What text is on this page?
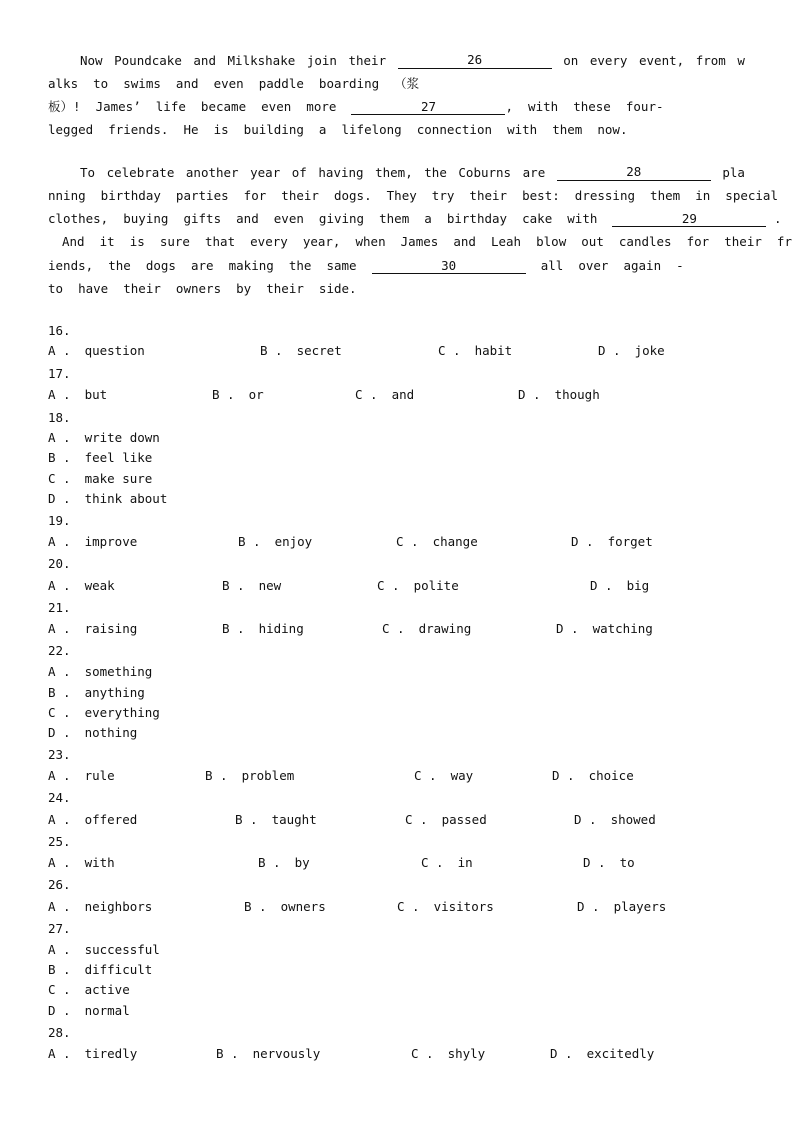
Now Poundcake and Milkshake join their	26	on every event, from w
alks  to  swims  and  even  paddle  boarding  （浆
板）!  James’  life  became  even  more	27	,  with  these  four-
legged  friends.  He  is  building  a  lifelong  connection  with  them  now.
To celebrate another year of having them, the Coburns are	28	pla
nning  birthday  parties  for  their  dogs.  They  try  their  best:  dressing  them  in  special
clothes,  buying  gifts  and  even  giving  them  a  birthday  cake  with	29	.
And  it  is  sure  that  every  year,  when  James  and  Leah  blow  out  candles  for  their  fr
iends,  the  dogs  are  making  the  same	30	all  over  again  -
to  have  their  owners  by  their  side.
16.
A . question	B . secret	C . habit	D . joke
17.
A . but	B . or	C . and	D . though
18.
A . write down
B . feel like
C . make sure
D . think about
19.
A . improve	B . enjoy	C . change	D . forget
20.
A . weak	B . new	C . polite	D . big
21.
A . raising	B . hiding	C . drawing	D . watching
22.
A . something
B . anything
C . everything
D . nothing
23.
A . rule	B . problem	C . way	D . choice
24.
A . offered	B . taught	C . passed	D . showed
25.
A . with	B . by	C . in	D . to
26.
A . neighbors	B . owners	C . visitors	D . players
27.
A . successful
B . difficult
C . active
D . normal
28.
A . tiredly	B . nervously	C . shyly	D . excitedly
